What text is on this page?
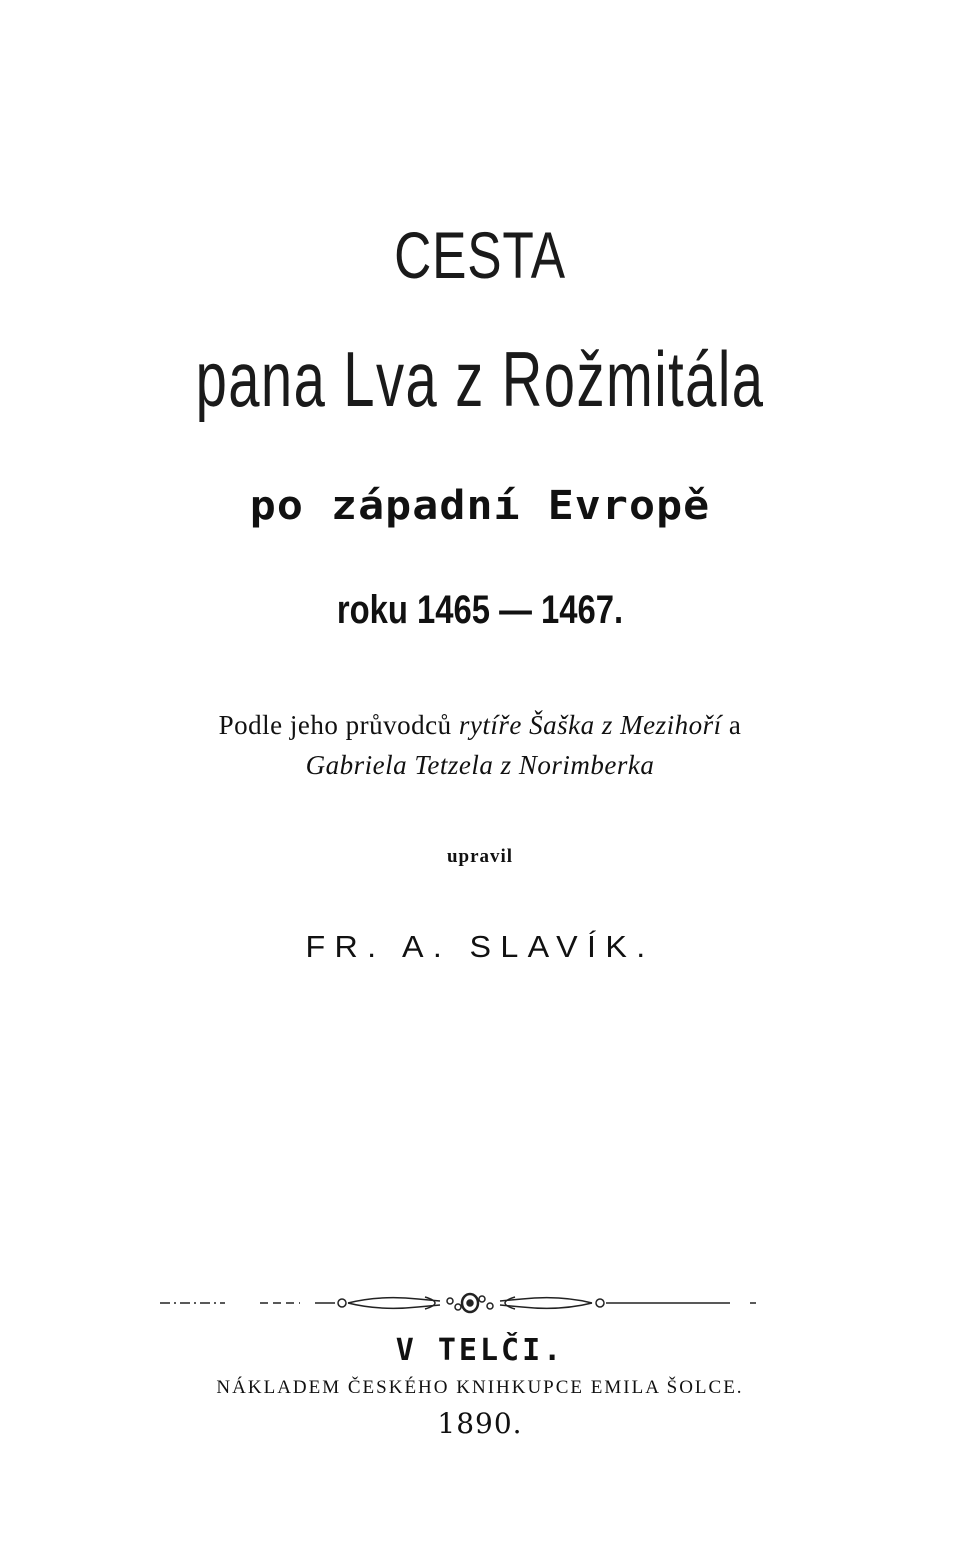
CESTA
pana Lva z Rožmitála
po západní Evropě
roku 1465 — 1467.
Podle jeho průvodců rytíře Šaška z Mezihoří a
Gabriela Tetzela z Norimberka
upravil
FR. A. SLAVÍK.
V TELČI.
NÁKLADEM ČESKÉHO KNIHKUPCE EMILA ŠOLCE.
1890.
